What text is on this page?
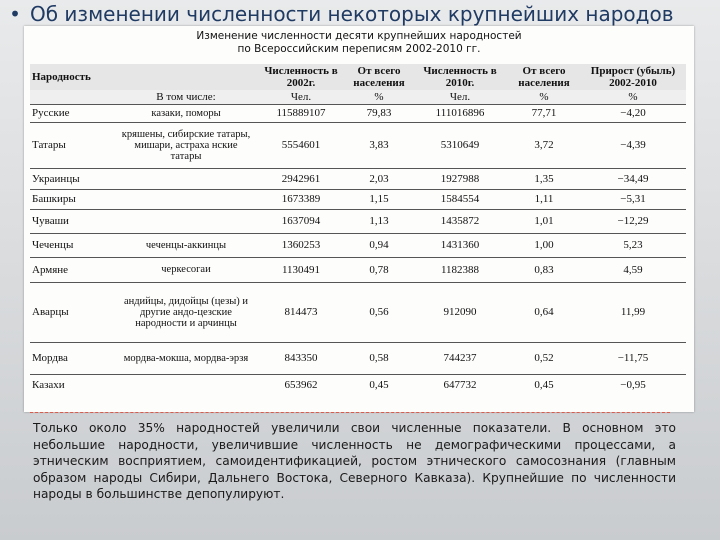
• Об изменении численности некоторых крупнейших народов
Изменение численности десяти крупнейших народностей
по Всероссийским переписям 2002-2010 гг.
Народность		Численность в 2002г.	От всего населения	Численность в 2010г.	От всего населения	Прирост (убыль) 2002-2010
	В том числе:	Чел.	%	Чел.	%	%
Русские	казаки, поморы	115889107	79,83	111016896	77,71	−4,20
Татары	кряшены, сибирские татары, мишари, астраха нские татары	5554601	3,83	5310649	3,72	−4,39
Украинцы		2942961	2,03	1927988	1,35	−34,49
Башкиры		1673389	1,15	1584554	1,11	−5,31
Чуваши		1637094	1,13	1435872	1,01	−12,29
Чеченцы	чеченцы-аккинцы	1360253	0,94	1431360	1,00	5,23
Армяне	черкесогаи	1130491	0,78	1182388	0,83	4,59
Аварцы	андийцы, дидойцы (цезы) и другие андо-цезские народности и арчинцы	814473	0,56	912090	0,64	11,99
Мордва	мордва-мокша, мордва-эрзя	843350	0,58	744237	0,52	−11,75
Казахи		653962	0,45	647732	0,45	−0,95
Только около 35% народностей увеличили свои численные показатели. В основном это небольшие народности, увеличившие численность не демографическими процессами, а этническим восприятием, самоидентификацией, ростом этнического самосознания (главным образом народы Сибири, Дальнего Востока, Северного Кавказа). Крупнейшие по численности народы в большинстве депопулируют.
